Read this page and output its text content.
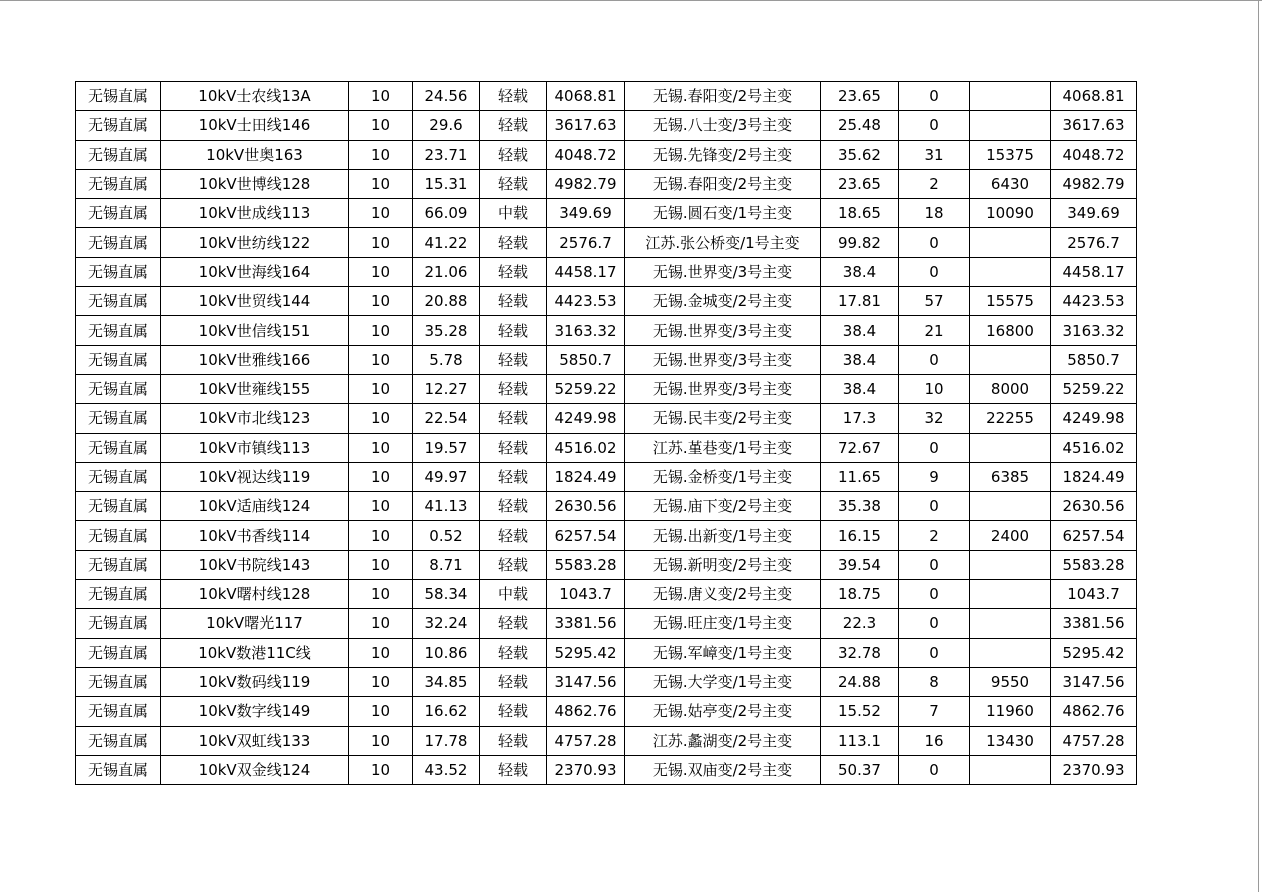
无锡直属	10kV士农线13A	10	24.56	轻载	4068.81	无锡.春阳变/2号主变	23.65	0		4068.81
无锡直属	10kV士田线146	10	29.6	轻载	3617.63	无锡.八士变/3号主变	25.48	0		3617.63
无锡直属	10kV世奥163	10	23.71	轻载	4048.72	无锡.先锋变/2号主变	35.62	31	15375	4048.72
无锡直属	10kV世博线128	10	15.31	轻载	4982.79	无锡.春阳变/2号主变	23.65	2	6430	4982.79
无锡直属	10kV世成线113	10	66.09	中载	349.69	无锡.圆石变/1号主变	18.65	18	10090	349.69
无锡直属	10kV世纺线122	10	41.22	轻载	2576.7	江苏.张公桥变/1号主变	99.82	0		2576.7
无锡直属	10kV世海线164	10	21.06	轻载	4458.17	无锡.世界变/3号主变	38.4	0		4458.17
无锡直属	10kV世贸线144	10	20.88	轻载	4423.53	无锡.金城变/2号主变	17.81	57	15575	4423.53
无锡直属	10kV世信线151	10	35.28	轻载	3163.32	无锡.世界变/3号主变	38.4	21	16800	3163.32
无锡直属	10kV世雅线166	10	5.78	轻载	5850.7	无锡.世界变/3号主变	38.4	0		5850.7
无锡直属	10kV世雍线155	10	12.27	轻载	5259.22	无锡.世界变/3号主变	38.4	10	8000	5259.22
无锡直属	10kV市北线123	10	22.54	轻载	4249.98	无锡.民丰变/2号主变	17.3	32	22255	4249.98
无锡直属	10kV市镇线113	10	19.57	轻载	4516.02	江苏.堇巷变/1号主变	72.67	0		4516.02
无锡直属	10kV视达线119	10	49.97	轻载	1824.49	无锡.金桥变/1号主变	11.65	9	6385	1824.49
无锡直属	10kV适庙线124	10	41.13	轻载	2630.56	无锡.庙下变/2号主变	35.38	0		2630.56
无锡直属	10kV书香线114	10	0.52	轻载	6257.54	无锡.出新变/1号主变	16.15	2	2400	6257.54
无锡直属	10kV书院线143	10	8.71	轻载	5583.28	无锡.新明变/2号主变	39.54	0		5583.28
无锡直属	10kV曙村线128	10	58.34	中载	1043.7	无锡.唐义变/2号主变	18.75	0		1043.7
无锡直属	10kV曙光117	10	32.24	轻载	3381.56	无锡.旺庄变/1号主变	22.3	0		3381.56
无锡直属	10kV数港11C线	10	10.86	轻载	5295.42	无锡.军嶂变/1号主变	32.78	0		5295.42
无锡直属	10kV数码线119	10	34.85	轻载	3147.56	无锡.大学变/1号主变	24.88	8	9550	3147.56
无锡直属	10kV数字线149	10	16.62	轻载	4862.76	无锡.姑亭变/2号主变	15.52	7	11960	4862.76
无锡直属	10kV双虹线133	10	17.78	轻载	4757.28	江苏.蠡湖变/2号主变	113.1	16	13430	4757.28
无锡直属	10kV双金线124	10	43.52	轻载	2370.93	无锡.双庙变/2号主变	50.37	0		2370.93
